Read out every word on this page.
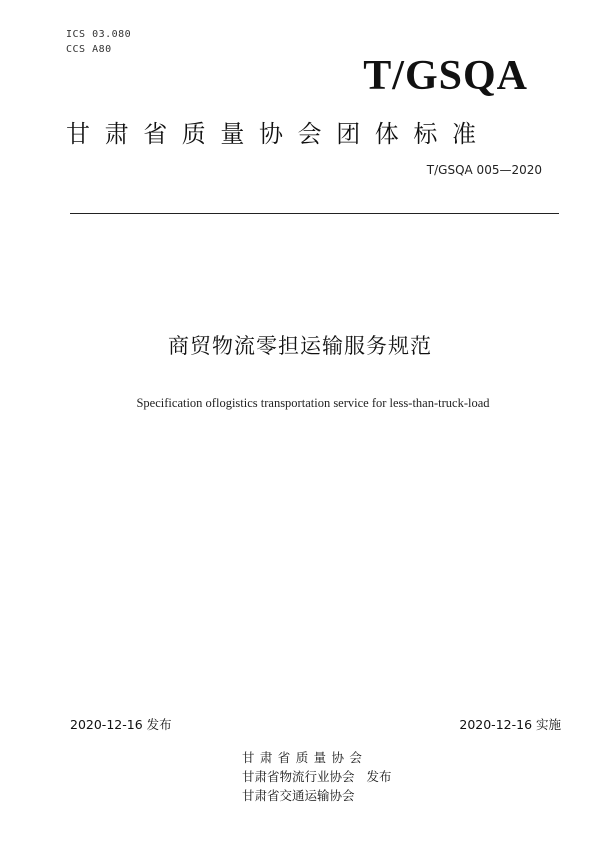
ICS 03.080
CCS A80
T/GSQA
甘肃省质量协会团体标准
T/GSQA 005—2020
商贸物流零担运输服务规范
Specification oflogistics transportation service for less-than-truck-load
2020-12-16 发布	2020-12-16 实施
甘肃省质量协会
甘肃省物流行业协会 发布
甘肃省交通运输协会
